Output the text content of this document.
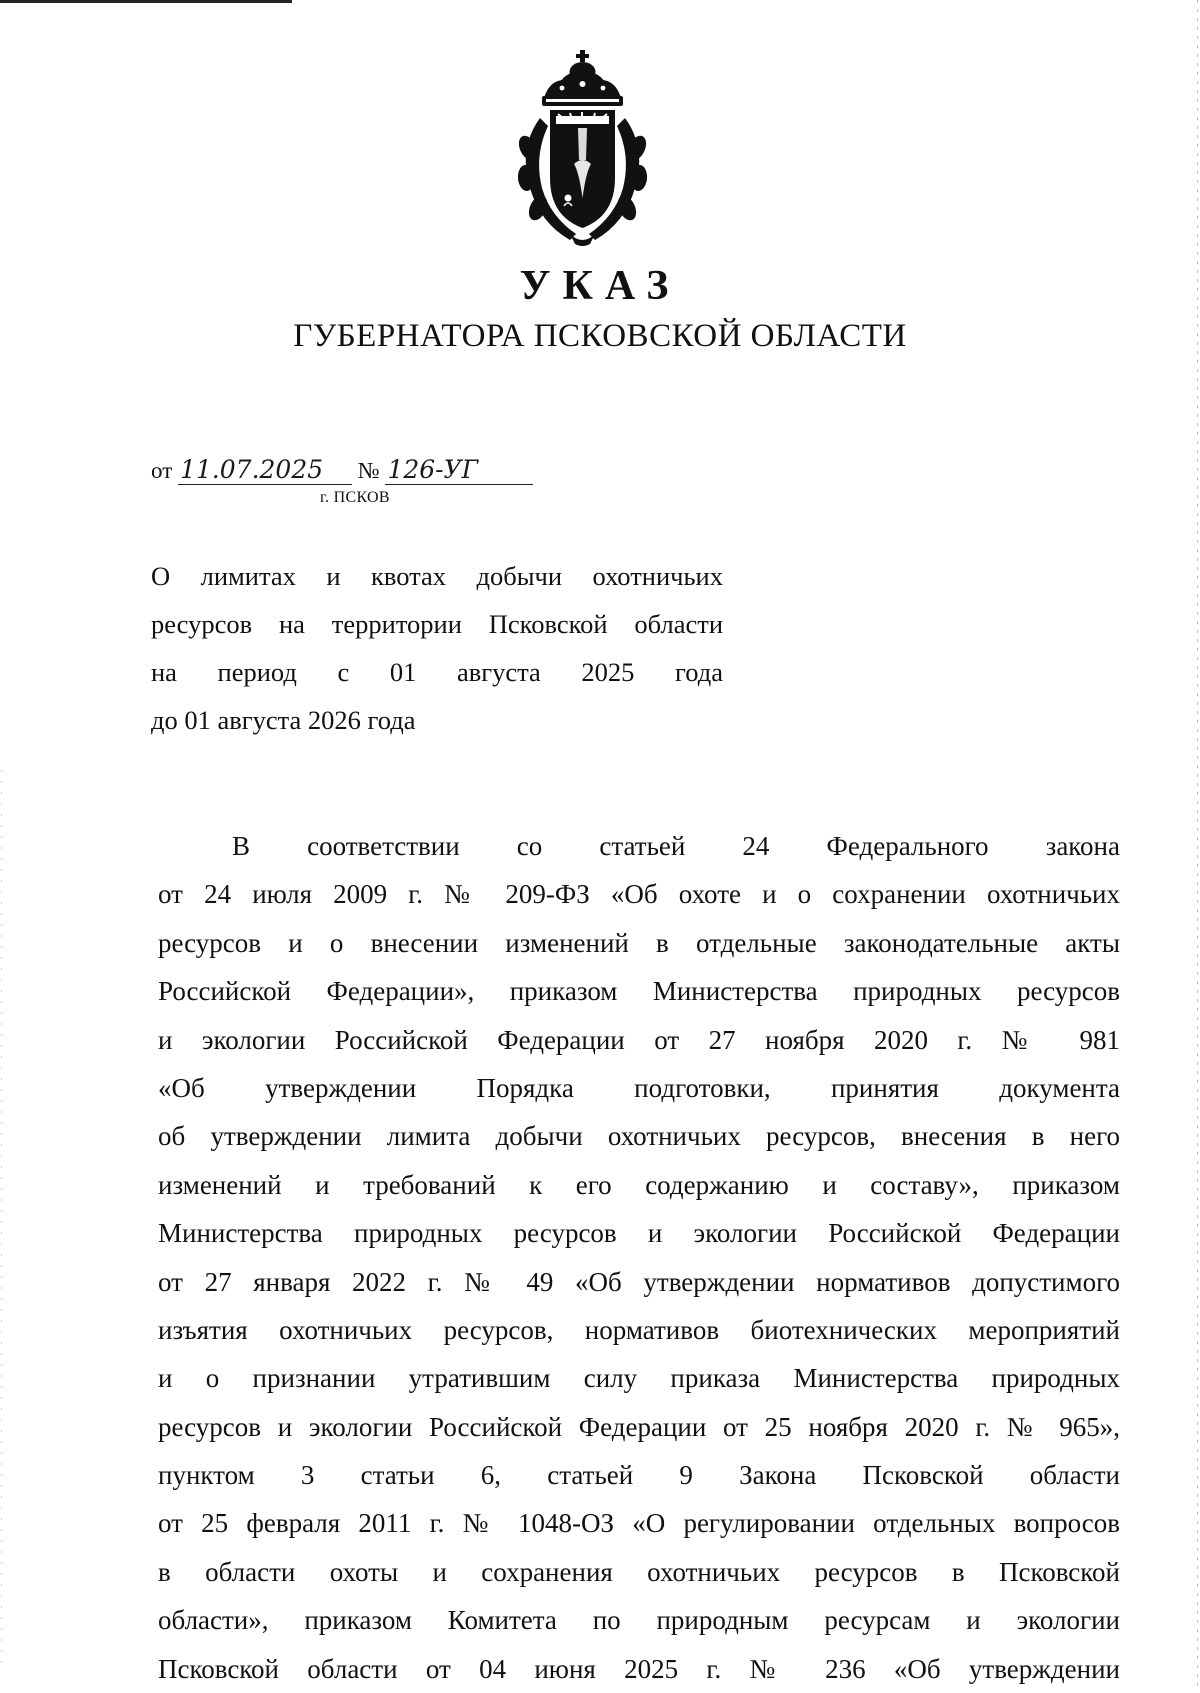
УКАЗ
ГУБЕРНАТОРА ПСКОВСКОЙ ОБЛАСТИ
от 11.07.2025 № 126-УГ
г. ПСКОВ
О лимитах и квотах добычи охотничьих
ресурсов на территории Псковской области
на период с 01 августа 2025 года
до 01 августа 2026 года
В соответствии со статьей 24 Федерального закона
от 24 июля 2009 г. № 209-ФЗ «Об охоте и о сохранении охотничьих
ресурсов и о внесении изменений в отдельные законодательные акты
Российской Федерации», приказом Министерства природных ресурсов
и экологии Российской Федерации от 27 ноября 2020 г. № 981
«Об утверждении Порядка подготовки, принятия документа
об утверждении лимита добычи охотничьих ресурсов, внесения в него
изменений и требований к его содержанию и составу», приказом
Министерства природных ресурсов и экологии Российской Федерации
от 27 января 2022 г. № 49 «Об утверждении нормативов допустимого
изъятия охотничьих ресурсов, нормативов биотехнических мероприятий
и о признании утратившим силу приказа Министерства природных
ресурсов и экологии Российской Федерации от 25 ноября 2020 г. № 965»,
пунктом 3 статьи 6, статьей 9 Закона Псковской области
от 25 февраля 2011 г. № 1048-ОЗ «О регулировании отдельных вопросов
в области охоты и сохранения охотничьих ресурсов в Псковской
области», приказом Комитета по природным ресурсам и экологии
Псковской области от 04 июня 2025 г. № 236 «Об утверждении
